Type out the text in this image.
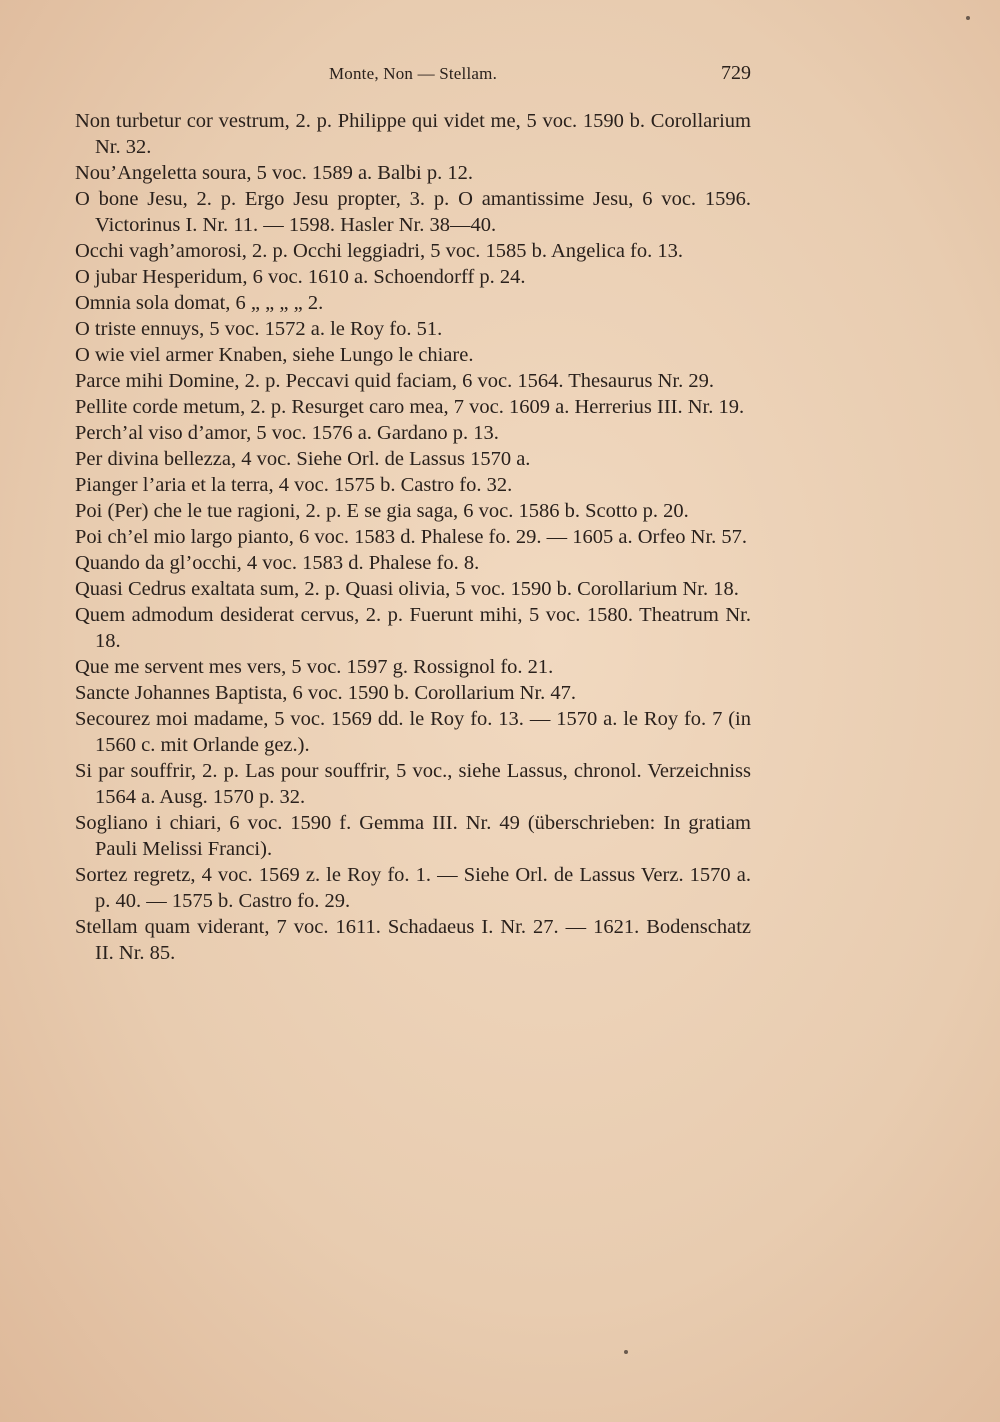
Monte, Non — Stellam.	729
Non turbetur cor vestrum, 2. p. Philippe qui videt me, 5 voc. 1590 b. Corollarium Nr. 32.
Nou’Angeletta soura, 5 voc. 1589 a. Balbi p. 12.
O bone Jesu, 2. p. Ergo Jesu propter, 3. p. O amantissime Jesu, 6 voc. 1596. Victorinus I. Nr. 11. — 1598. Hasler Nr. 38—40.
Occhi vagh’amorosi, 2. p. Occhi leggiadri, 5 voc. 1585 b. Angelica fo. 13.
O jubar Hesperidum, 6 voc. 1610 a. Schoendorff p. 24.
Omnia sola domat, 6 „ „ „ „ 2.
O triste ennuys, 5 voc. 1572 a. le Roy fo. 51.
O wie viel armer Knaben, siehe Lungo le chiare.
Parce mihi Domine, 2. p. Peccavi quid faciam, 6 voc. 1564. Thesaurus Nr. 29.
Pellite corde metum, 2. p. Resurget caro mea, 7 voc. 1609 a. Herrerius III. Nr. 19.
Perch’al viso d’amor, 5 voc. 1576 a. Gardano p. 13.
Per divina bellezza, 4 voc. Siehe Orl. de Lassus 1570 a.
Pianger l’aria et la terra, 4 voc. 1575 b. Castro fo. 32.
Poi (Per) che le tue ragioni, 2. p. E se gia saga, 6 voc. 1586 b. Scotto p. 20.
Poi ch’el mio largo pianto, 6 voc. 1583 d. Phalese fo. 29. — 1605 a. Orfeo Nr. 57.
Quando da gl’occhi, 4 voc. 1583 d. Phalese fo. 8.
Quasi Cedrus exaltata sum, 2. p. Quasi olivia, 5 voc. 1590 b. Corollarium Nr. 18.
Quem admodum desiderat cervus, 2. p. Fuerunt mihi, 5 voc. 1580. Theatrum Nr. 18.
Que me servent mes vers, 5 voc. 1597 g. Rossignol fo. 21.
Sancte Johannes Baptista, 6 voc. 1590 b. Corollarium Nr. 47.
Secourez moi madame, 5 voc. 1569 dd. le Roy fo. 13. — 1570 a. le Roy fo. 7 (in 1560 c. mit Orlande gez.).
Si par souffrir, 2. p. Las pour souffrir, 5 voc., siehe Lassus, chronol. Verzeichniss 1564 a. Ausg. 1570 p. 32.
Sogliano i chiari, 6 voc. 1590 f. Gemma III. Nr. 49 (überschrieben: In gratiam Pauli Melissi Franci).
Sortez regretz, 4 voc. 1569 z. le Roy fo. 1. — Siehe Orl. de Lassus Verz. 1570 a. p. 40. — 1575 b. Castro fo. 29.
Stellam quam viderant, 7 voc. 1611. Schadaeus I. Nr. 27. — 1621. Bodenschatz II. Nr. 85.
